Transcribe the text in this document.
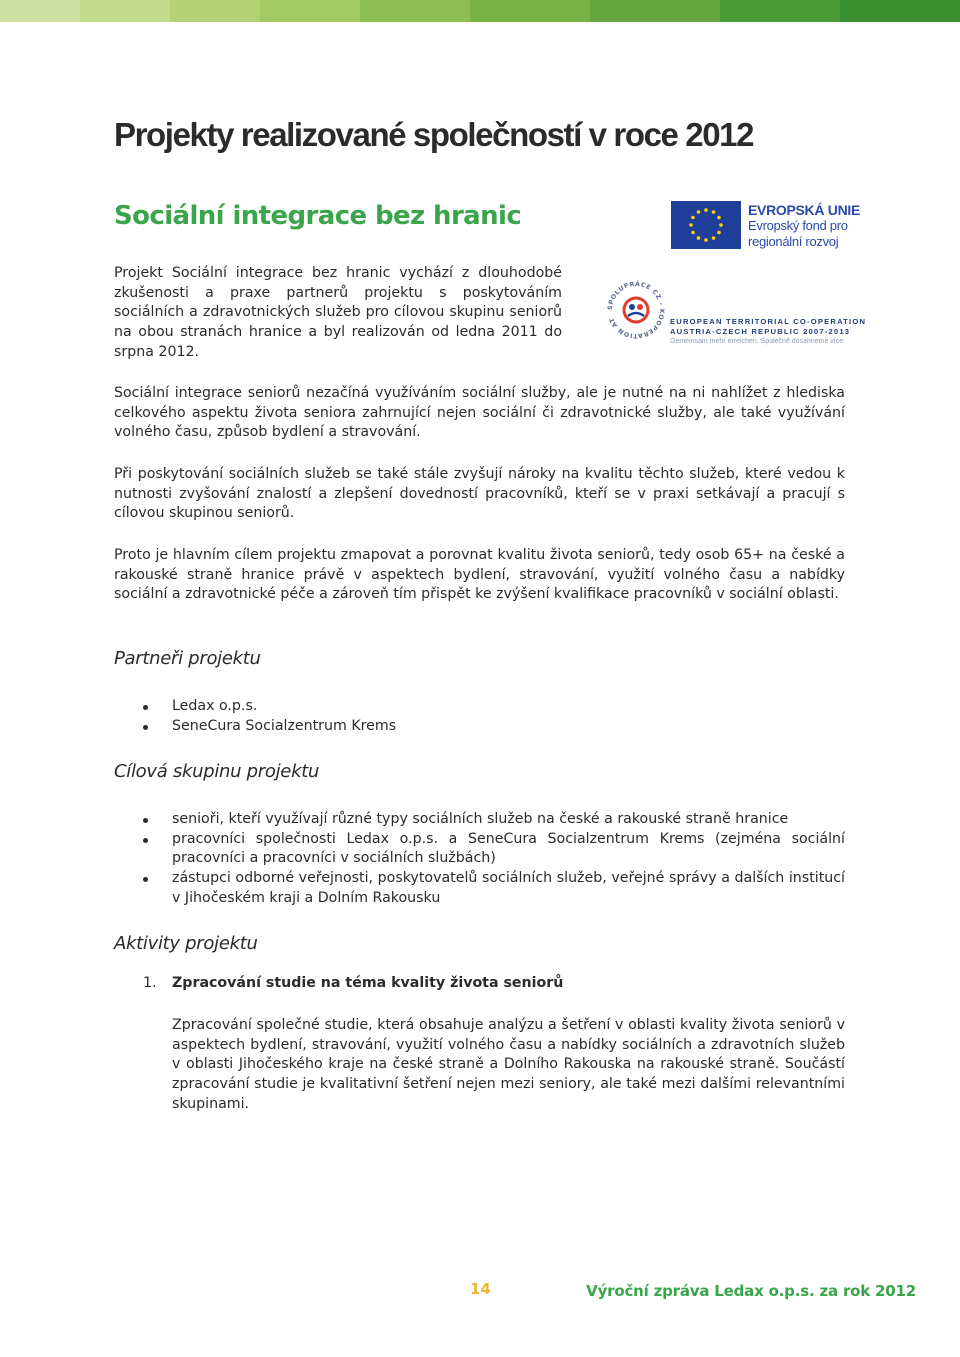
Projekty realizované společností v roce 2012
Sociální integrace bez hranic

Projekt Sociální integrace bez hranic vychází z dlouhodobé zkušenosti a praxe partnerů projektu s poskytováním sociálních a zdravotnických služeb pro cílovou skupinu seniorů na obou stranách hranice a byl realizován od ledna 2011 do srpna 2012.

EVROPSKÁ UNIE
Evropský fond pro
regionální rozvoj
SPOLUPRÁCE CZ - KOOPERATION AT	EUROPEAN TERRITORIAL CO-OPERATION
AUSTRIA-CZECH REPUBLIC 2007-2013
Gemeinsam mehr erreichen. Společně dosáhneme více.

Sociální integrace seniorů nezačíná využíváním sociální služby, ale je nutné na ni nahlížet z hlediska celkového aspektu života seniora zahrnující nejen sociální či zdravotnické služby, ale také využívání volného času, způsob bydlení a stravování.

Při poskytování sociálních služeb se také stále zvyšují nároky na kvalitu těchto služeb, které vedou k nutnosti zvyšování znalostí a zlepšení dovedností pracovníků, kteří se v praxi setkávají a pracují s cílovou skupinou seniorů.

Proto je hlavním cílem projektu zmapovat a porovnat kvalitu života seniorů, tedy osob 65+ na české a rakouské straně hranice právě v aspektech bydlení, stravování, využití volného času a nabídky sociální a zdravotnické péče a zároveň tím přispět ke zvýšení kvalifikace pracovníků v sociální oblasti.

Partneři projektu
Ledax o.p.s.
SeneCura Socialzentrum Krems
Cílová skupinu projektu
senioři, kteří využívají různé typy sociálních služeb na české a rakouské straně hranice
pracovníci společnosti Ledax o.p.s. a SeneCura Socialzentrum Krems (zejména sociální pracovníci a pracovníci v sociálních službách)
zástupci odborné veřejnosti, poskytovatelů sociálních služeb, veřejné správy a dalších institucí v Jihočeském kraji a Dolním Rakousku
Aktivity projektu
1. Zpracování studie na téma kvality života seniorů

Zpracování společné studie, která obsahuje analýzu a šetření v oblasti kvality života seniorů v aspektech bydlení, stravování, využití volného času a nabídky sociálních a zdravotních služeb v oblasti Jihočeského kraje na české straně a Dolního Rakouska na rakouské straně. Součástí zpracování studie je kvalitativní šetření nejen mezi seniory, ale také mezi dalšími relevantními skupinami.

14	Výroční zpráva Ledax o.p.s. za rok 2012
